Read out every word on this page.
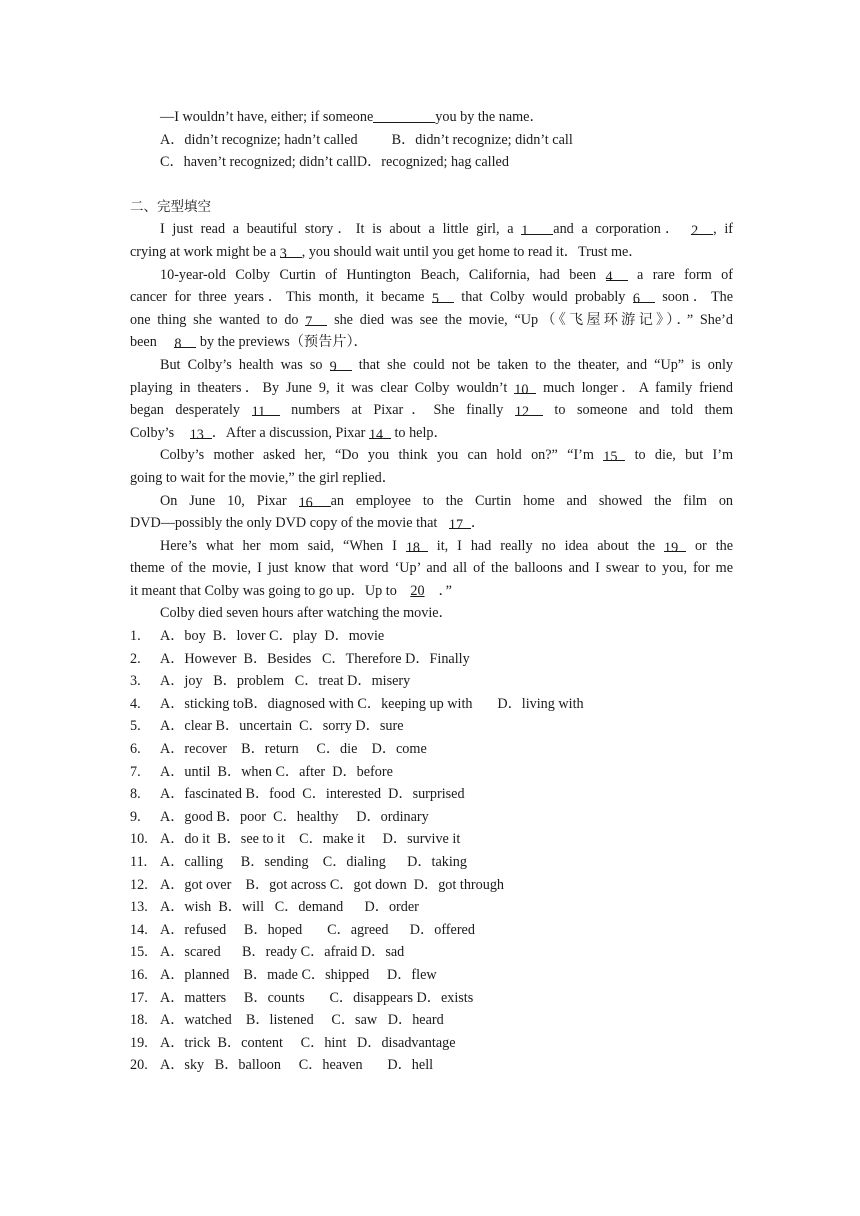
—I wouldn’t have, either; if someone	you by the name．
A．didn’t recognize; hadn’t called B．didn’t recognize; didn’t call
C．haven’t recognized; didn’t callD．recognized; hag called
二、完型填空
I just read a beautiful story．It is about a little girl, a 1 and a corporation． 2 , if
crying at work might be a 3 , you should wait until you get home to read it．Trust me．
10-year-old Colby Curtin of Huntington Beach, California, had been 4 a rare form of
cancer for three years．This month, it became 5 that Colby would probably 6 soon．The
one thing she wanted to do 7 she died was see the movie, “Up（《飞屋环游记》）．” She’d
been 8 by the previews（预告片）．
But Colby’s health was so 9 that she could not be taken to the theater, and “Up” is only
playing in theaters．By June 9, it was clear Colby wouldn’t 10 much longer．A family friend
began desperately 11 numbers at Pixar．She finally 12 to someone and told them
Colby’s 13 ．After a discussion, Pixar 14 to help．
Colby’s mother asked her, “Do you think you can hold on?” “I’m 15 to die, but I’m
going to wait for the movie,” the girl replied．
On June 10, Pixar 16 an employee to the Curtin home and showed the film on
DVD—possibly the only DVD copy of the movie that 17 ．
Here’s what her mom said, “When I 18 it, I had really no idea about the 19 or the
theme of the movie, I just know that word ‘Up’ and all of the balloons and I swear to you, for me
it meant that Colby was going to go up．Up to 20 ．”
Colby died seven hours after watching the movie．
1. A．boy  B．lover C．play  D．movie
2. A．However  B．Besides   C．Therefore D．Finally
3. A．joy   B．problem   C．treat D．misery
4. A．sticking toB．diagnosed with C．keeping up with       D．living with
5. A．clear B．uncertain  C．sorry D．sure
6. A．recover    B．return     C．die    D．come
7. A．until  B．when C．after  D．before
8. A．fascinated B．food  C．interested  D．surprised
9. A．good B．poor  C．healthy     D．ordinary
10. A．do it  B．see to it    C．make it     D．survive it
11. A．calling     B．sending    C．dialing      D．taking
12. A．got over    B．got across C．got down  D．got through
13. A．wish  B．will   C．demand      D．order
14. A．refused     B．hoped       C．agreed      D．offered
15. A．scared      B．ready C．afraid D．sad
16. A．planned    B．made C．shipped     D．flew
17. A．matters     B．counts       C．disappears D．exists
18. A．watched    B．listened     C．saw   D．heard
19. A．trick  B．content     C．hint   D．disadvantage
20. A．sky   B．balloon     C．heaven       D．hell
